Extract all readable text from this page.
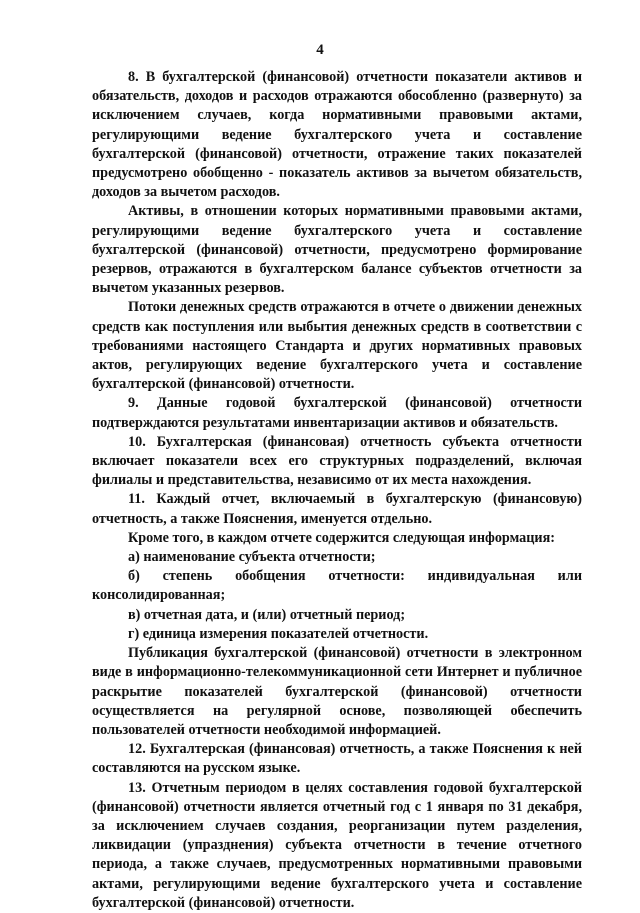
4

8. В бухгалтерской (финансовой) отчетности показатели активов и обязательств, доходов и расходов отражаются обособленно (развернуто) за исключением случаев, когда нормативными правовыми актами, регулирующими ведение бухгалтерского учета и составление бухгалтерской (финансовой) отчетности, отражение таких показателей предусмотрено обобщенно - показатель активов за вычетом обязательств, доходов за вычетом расходов.

Активы, в отношении которых нормативными правовыми актами, регулирующими ведение бухгалтерского учета и составление бухгалтерской (финансовой) отчетности, предусмотрено формирование резервов, отражаются в бухгалтерском балансе субъектов отчетности за вычетом указанных резервов.

Потоки денежных средств отражаются в отчете о движении денежных средств как поступления или выбытия денежных средств в соответствии с требованиями настоящего Стандарта и других нормативных правовых актов, регулирующих ведение бухгалтерского учета и составление бухгалтерской (финансовой) отчетности.

9. Данные годовой бухгалтерской (финансовой) отчетности подтверждаются результатами инвентаризации активов и обязательств.

10. Бухгалтерская (финансовая) отчетность субъекта отчетности включает показатели всех его структурных подразделений, включая филиалы и представительства, независимо от их места нахождения.

11. Каждый отчет, включаемый в бухгалтерскую (финансовую) отчетность, а также Пояснения, именуется отдельно.

Кроме того, в каждом отчете содержится следующая информация:

а) наименование субъекта отчетности;

б) степень обобщения отчетности: индивидуальная или консолидированная;

в) отчетная дата, и (или) отчетный период;

г) единица измерения показателей отчетности.

Публикация бухгалтерской (финансовой) отчетности в электронном виде в информационно-телекоммуникационной сети Интернет и публичное раскрытие показателей бухгалтерской (финансовой) отчетности осуществляется на регулярной основе, позволяющей обеспечить пользователей отчетности необходимой информацией.

12. Бухгалтерская (финансовая) отчетность, а также Пояснения к ней составляются на русском языке.

13. Отчетным периодом в целях составления годовой бухгалтерской (финансовой) отчетности является отчетный год с 1 января по 31 декабря, за исключением случаев создания, реорганизации путем разделения, ликвидации (упразднения) субъекта отчетности в течение отчетного периода, а также случаев, предусмотренных нормативными правовыми актами, регулирующими ведение бухгалтерского учета и составление бухгалтерской (финансовой) отчетности.
